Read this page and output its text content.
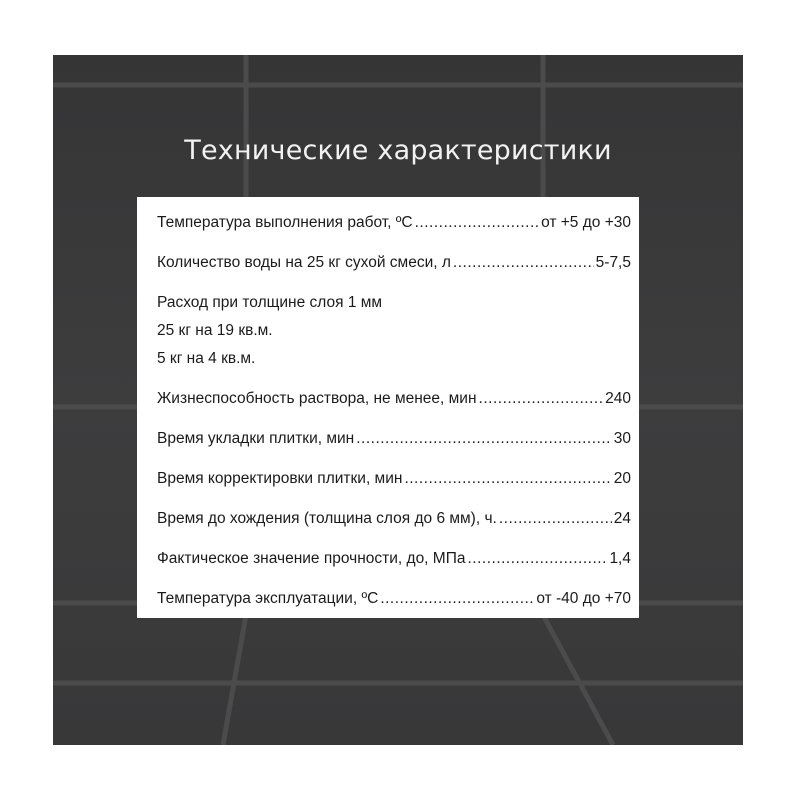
Технические характеристики
Температура выполнения работ, ºС .....	от +5 до +30
Количество воды на 25 кг сухой смеси, л .....	5-7,5
Расход при толщине слоя 1 мм
25 кг на 19 кв.м.
5 кг на 4 кв.м.
Жизнеспособность раствора, не менее, мин .....	240
Время укладки плитки, мин .....	30
Время корректировки плитки, мин .....	20
Время до хождения (толщина слоя до 6 мм), ч. .....	24
Фактическое значение прочности, до, МПа .....	1,4
Температура эксплуатации, ºС .....	от -40 до +70
